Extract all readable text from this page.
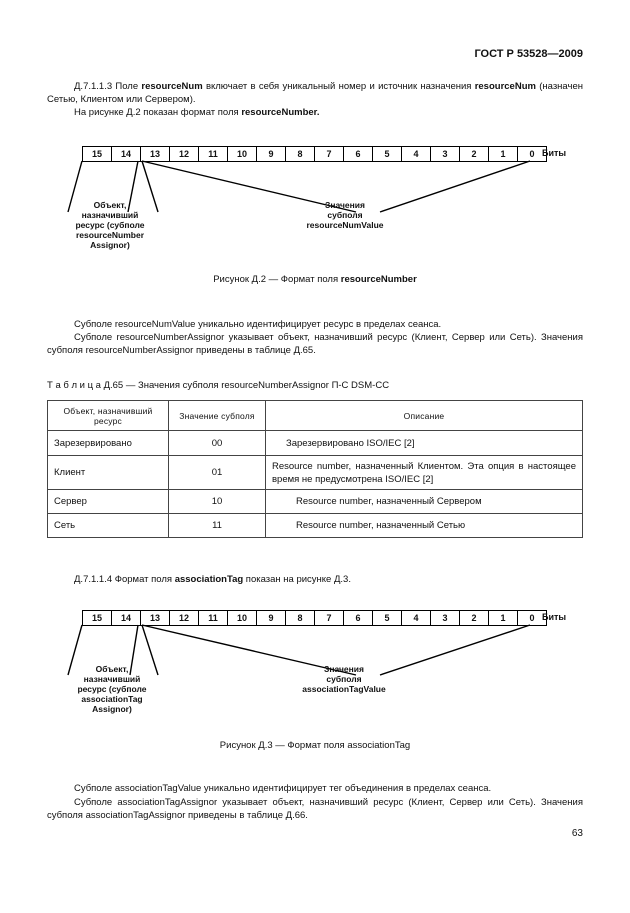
ГОСТ Р 53528—2009
Д.7.1.1.3 Поле resourceNum включает в себя уникальный номер и источник назначения resourceNum (назначен Сетью, Клиентом или Сервером).
На рисунке Д.2 показан формат поля resourceNumber.
15	14	13	12	11	10	9	8	7	6	5	4	3	2	1	0 Биты
Объект,
назначивший
ресурс (субполе
resourceNumber
Assignor)
Значения
субполя
resourceNumValue
Рисунок Д.2 — Формат поля resourceNumber
Субполе resourceNumValue уникально идентифицирует ресурс в пределах сеанса.
Субполе resourceNumberAssignor указывает объект, назначивший ресурс (Клиент, Сервер или Сеть). Значения субполя resourceNumberAssignor приведены в таблице Д.65.
Т а б л и ц а Д.65 — Значения субполя resourceNumberAssignor П-С DSM-CC
Объект, назначивший ресурс	Значение субполя	Описание
Зарезервировано	00	Зарезервировано ISO/IEC [2]
Клиент	01	Resource number, назначенный Клиентом. Эта опция в настоящее время не предусмотрена ISO/IEC [2]
Сервер	10	Resource number, назначенный Сервером
Сеть	11	Resource number, назначенный Сетью
Д.7.1.1.4 Формат поля associationTag показан на рисунке Д.3.
15	14	13	12	11	10	9	8	7	6	5	4	3	2	1	0 Биты
Объект,
назначивший
ресурс (субполе
associationTag
Assignor)
Значения
субполя
associationTagValue
Рисунок Д.3 — Формат поля associationTag
Субполе associationTagValue уникально идентифицирует тег объединения в пределах сеанса.
Субполе associationTagAssignor указывает объект, назначивший ресурс (Клиент, Сервер или Сеть). Значения субполя associationTagAssignor приведены в таблице Д.66.
63
